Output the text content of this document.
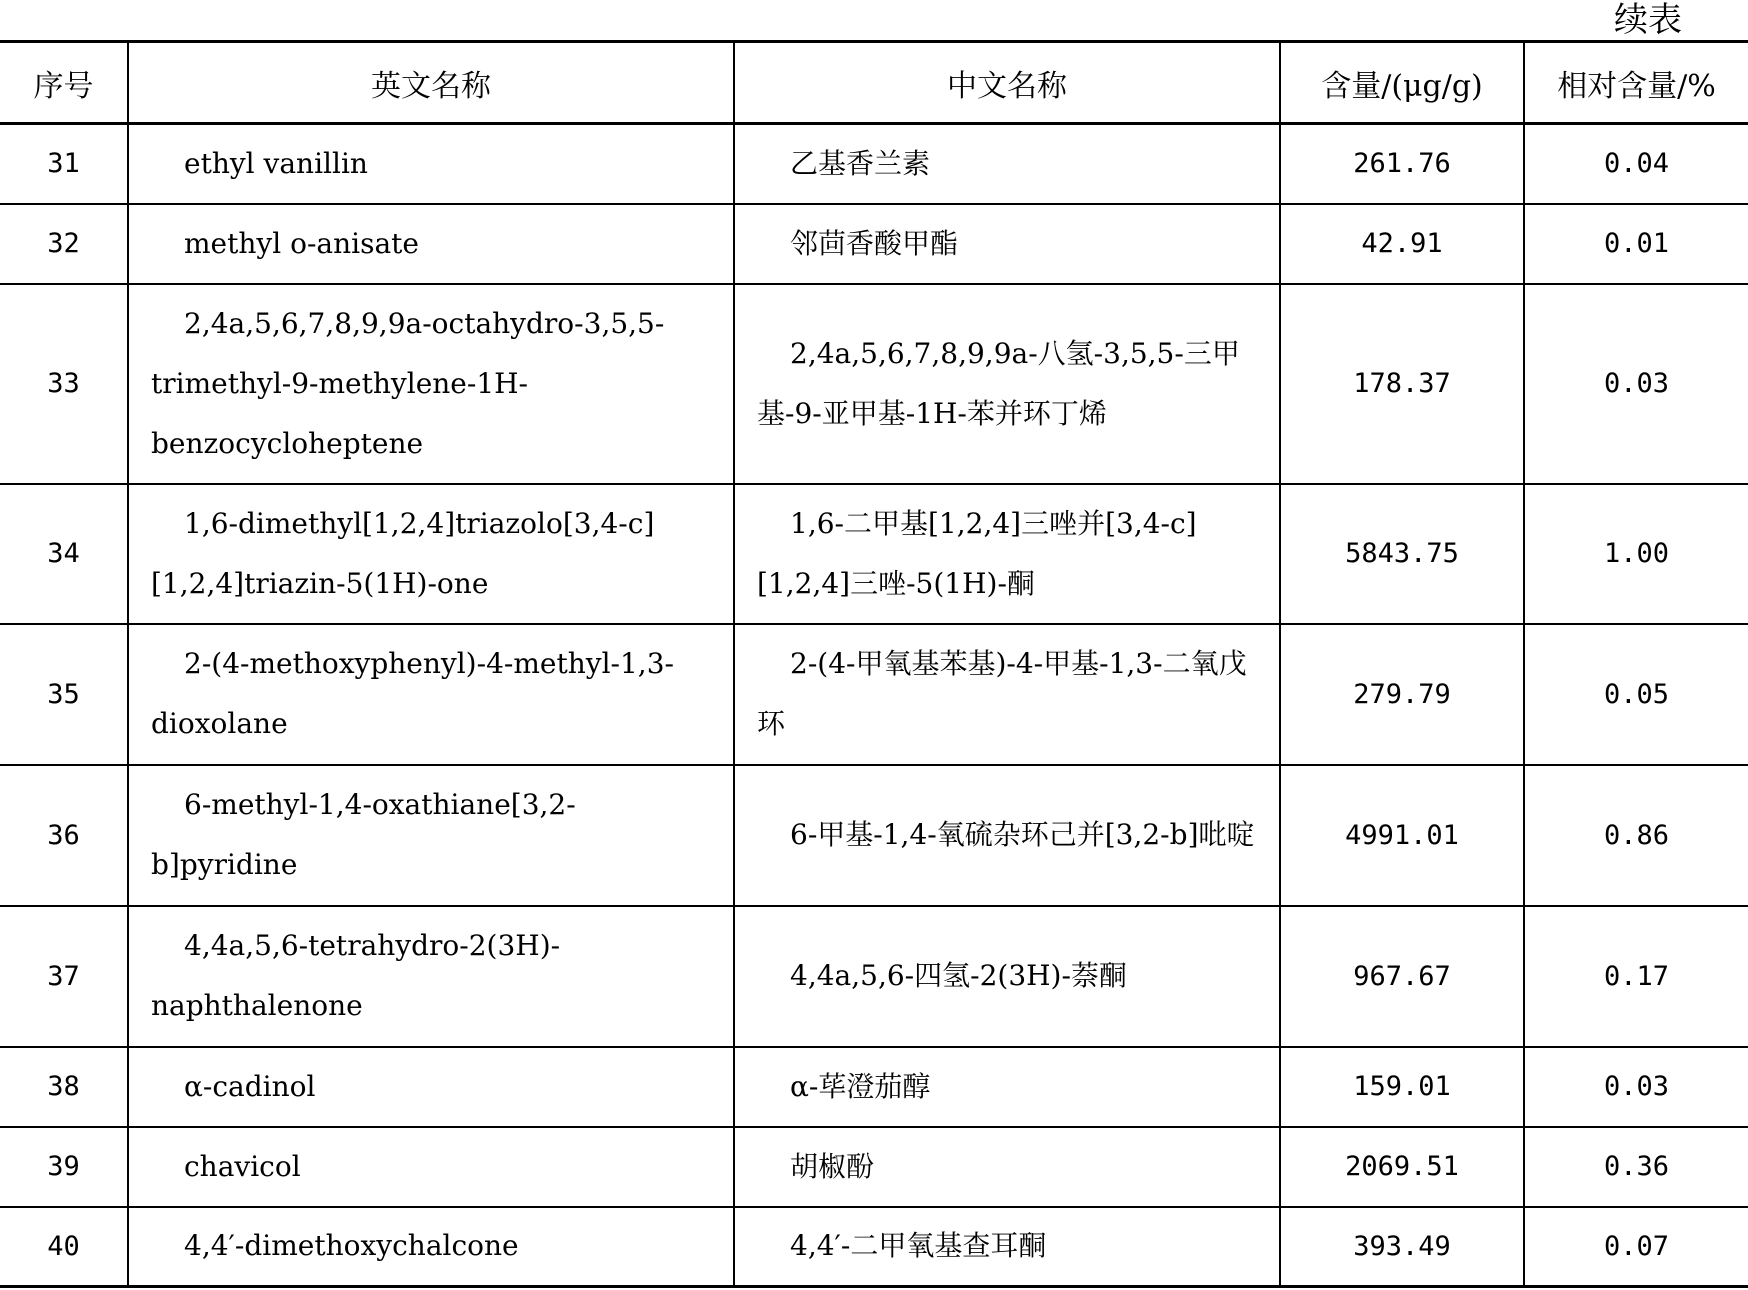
续表
序号	英文名称	中文名称	含量/(μg/g)	相对含量/%
31	ethyl vanillin	乙基香兰素	261.76	0.04
32	methyl o-anisate	邻茴香酸甲酯	42.91	0.01
33	2,4a,5,6,7,8,9,9a-octahydro-3,5,5-trimethyl-9-methylene-1H-benzocycloheptene	2,4a,5,6,7,8,9,9a-八氢-3,5,5-三甲基-9-亚甲基-1H-苯并环丁烯	178.37	0.03
34	1,6-dimethyl[1,2,4]triazolo[3,4-c][1,2,4]triazin-5(1H)-one	1,6-二甲基[1,2,4]三唑并[3,4-c][1,2,4]三唑-5(1H)-酮	5843.75	1.00
35	2-(4-methoxyphenyl)-4-methyl-1,3-dioxolane	2-(4-甲氧基苯基)-4-甲基-1,3-二氧戊环	279.79	0.05
36	6-methyl-1,4-oxathiane[3,2-b]pyridine	6-甲基-1,4-氧硫杂环己并[3,2-b]吡啶	4991.01	0.86
37	4,4a,5,6-tetrahydro-2(3H)-naphthalenone	4,4a,5,6-四氢-2(3H)-萘酮	967.67	0.17
38	α-cadinol	α-荜澄茄醇	159.01	0.03
39	chavicol	胡椒酚	2069.51	0.36
40	4,4′-dimethoxychalcone	4,4′-二甲氧基查耳酮	393.49	0.07
